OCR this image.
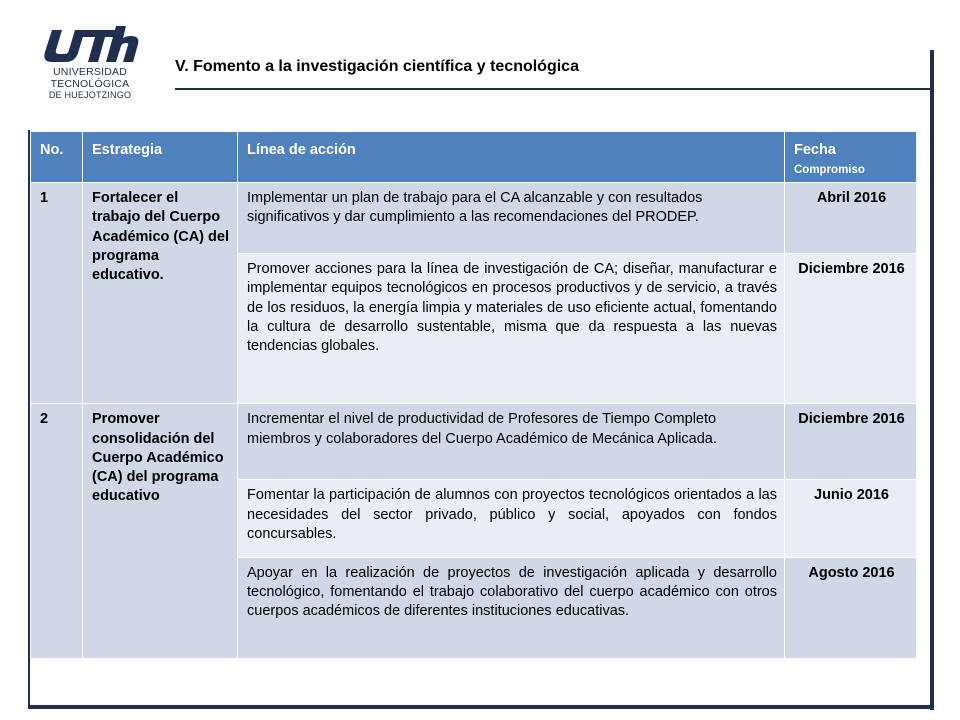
UNIVERSIDAD
TECNOLÓGICA
DE HUEJOTZINGO
V. Fomento a la investigación científica y tecnológica
No.	Estrategia	Línea de acción	Fecha
Compromiso

1	Fortalecer el trabajo del Cuerpo Académico (CA) del programa educativo.	Implementar un plan de trabajo para el CA alcanzable y con resultados significativos y dar cumplimiento a las recomendaciones del PRODEP.	Abril 2016
		Promover acciones para la línea de investigación de CA; diseñar, manufacturar e implementar equipos tecnológicos en procesos productivos y de servicio, a través de los residuos, la energía limpia y materiales de uso eficiente actual, fomentando la cultura de desarrollo sustentable, misma que da respuesta a las nuevas tendencias globales.	Diciembre 2016
2	Promover consolidación del Cuerpo Académico (CA) del programa educativo	Incrementar el nivel de productividad de Profesores de Tiempo Completo miembros y colaboradores del Cuerpo Académico de Mecánica Aplicada.	Diciembre 2016
		Fomentar la participación de alumnos con proyectos tecnológicos orientados a las necesidades del sector privado, público y social, apoyados con fondos concursables.	Junio 2016
		Apoyar en la realización de proyectos de investigación aplicada y desarrollo tecnológico, fomentando el trabajo colaborativo del cuerpo académico con otros cuerpos académicos de diferentes instituciones educativas.	Agosto 2016
